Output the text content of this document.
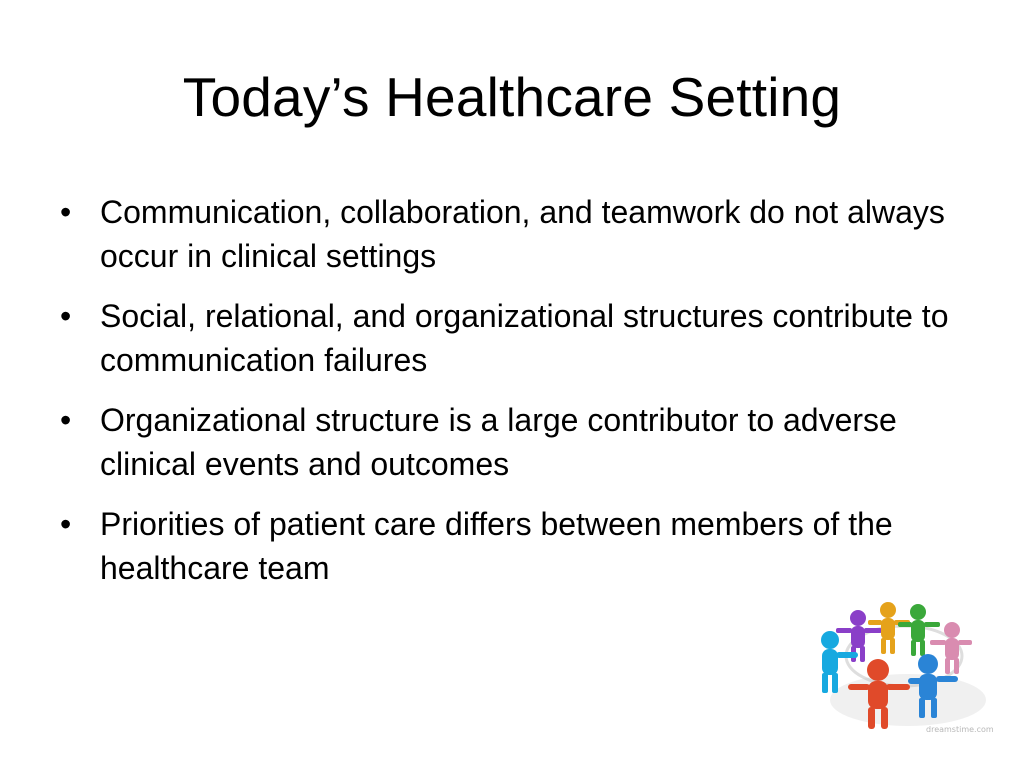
Today’s Healthcare Setting
• Communication, collaboration, and teamwork do not always occur in clinical settings
• Social, relational, and organizational structures contribute to communication failures
• Organizational structure is a large contributor to adverse clinical events and outcomes
• Priorities of patient care differs between members of the healthcare team
dreamstime.com
